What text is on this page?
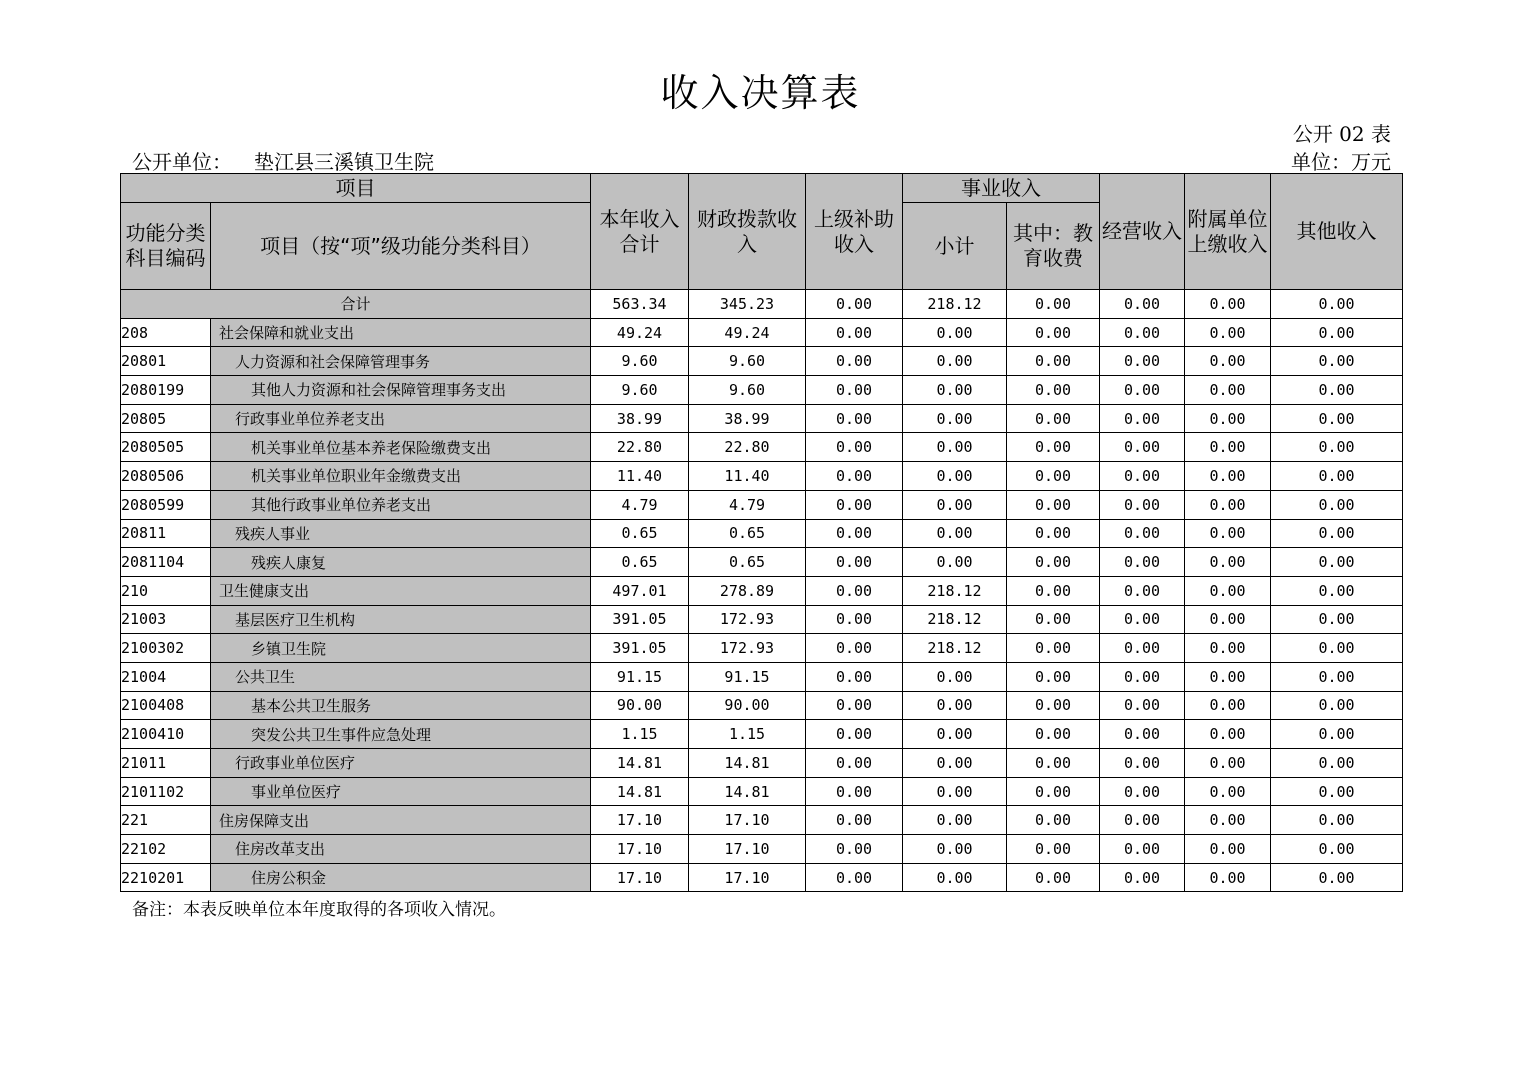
收入决算表
公开 02 表
公开单位： 垫江县三溪镇卫生院	单位：万元
项目		本年收入合计	财政拨款收入	上级补助收入	事业收入		经营收入	附属单位上缴收入	其他收入
功能分类科目编码	项目（按“项”级功能分类科目）				小计	其中：教育收费			
合计		563.34	345.23	0.00	218.12	0.00	0.00	0.00	0.00
208	社会保障和就业支出	49.24	49.24	0.00	0.00	0.00	0.00	0.00	0.00
20801	人力资源和社会保障管理事务	9.60	9.60	0.00	0.00	0.00	0.00	0.00	0.00
2080199	其他人力资源和社会保障管理事务支出	9.60	9.60	0.00	0.00	0.00	0.00	0.00	0.00
20805	行政事业单位养老支出	38.99	38.99	0.00	0.00	0.00	0.00	0.00	0.00
2080505	机关事业单位基本养老保险缴费支出	22.80	22.80	0.00	0.00	0.00	0.00	0.00	0.00
2080506	机关事业单位职业年金缴费支出	11.40	11.40	0.00	0.00	0.00	0.00	0.00	0.00
2080599	其他行政事业单位养老支出	4.79	4.79	0.00	0.00	0.00	0.00	0.00	0.00
20811	残疾人事业	0.65	0.65	0.00	0.00	0.00	0.00	0.00	0.00
2081104	残疾人康复	0.65	0.65	0.00	0.00	0.00	0.00	0.00	0.00
210	卫生健康支出	497.01	278.89	0.00	218.12	0.00	0.00	0.00	0.00
21003	基层医疗卫生机构	391.05	172.93	0.00	218.12	0.00	0.00	0.00	0.00
2100302	乡镇卫生院	391.05	172.93	0.00	218.12	0.00	0.00	0.00	0.00
21004	公共卫生	91.15	91.15	0.00	0.00	0.00	0.00	0.00	0.00
2100408	基本公共卫生服务	90.00	90.00	0.00	0.00	0.00	0.00	0.00	0.00
2100410	突发公共卫生事件应急处理	1.15	1.15	0.00	0.00	0.00	0.00	0.00	0.00
21011	行政事业单位医疗	14.81	14.81	0.00	0.00	0.00	0.00	0.00	0.00
2101102	事业单位医疗	14.81	14.81	0.00	0.00	0.00	0.00	0.00	0.00
221	住房保障支出	17.10	17.10	0.00	0.00	0.00	0.00	0.00	0.00
22102	住房改革支出	17.10	17.10	0.00	0.00	0.00	0.00	0.00	0.00
2210201	住房公积金	17.10	17.10	0.00	0.00	0.00	0.00	0.00	0.00
备注：本表反映单位本年度取得的各项收入情况。
